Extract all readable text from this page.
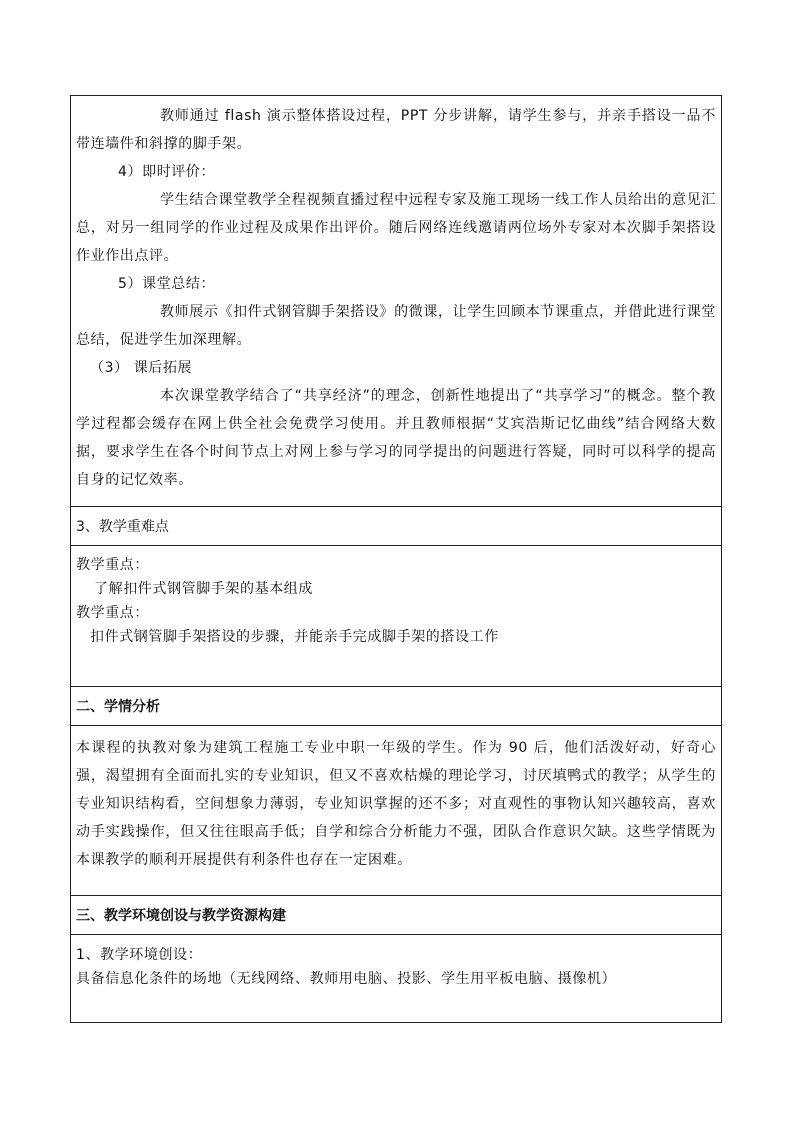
教师通过 flash 演示整体搭设过程，PPT 分步讲解，请学生参与，并亲手搭设一品不带连墙件和斜撑的脚手架。

4）即时评价：

学生结合课堂教学全程视频直播过程中远程专家及施工现场一线工作人员给出的意见汇总，对另一组同学的作业过程及成果作出评价。随后网络连线邀请两位场外专家对本次脚手架搭设作业作出点评。

5）课堂总结：

教师展示《扣件式钢管脚手架搭设》的微课，让学生回顾本节课重点，并借此进行课堂总结，促进学生加深理解。

（3） 课后拓展

本次课堂教学结合了“共享经济”的理念，创新性地提出了“共享学习”的概念。整个教学过程都会缓存在网上供全社会免费学习使用。并且教师根据“艾宾浩斯记忆曲线”结合网络大数据，要求学生在各个时间节点上对网上参与学习的同学提出的问题进行答疑，同时可以科学的提高自身的记忆效率。

3、教学重难点

教学重点：

了解扣件式钢管脚手架的基本组成

教学重点：

扣件式钢管脚手架搭设的步骤，并能亲手完成脚手架的搭设工作

二、学情分析

本课程的执教对象为建筑工程施工专业中职一年级的学生。作为 90 后，他们活泼好动，好奇心强，渴望拥有全面而扎实的专业知识，但又不喜欢枯燥的理论学习，讨厌填鸭式的教学；从学生的专业知识结构看，空间想象力薄弱，专业知识掌握的还不多；对直观性的事物认知兴趣较高，喜欢动手实践操作，但又往往眼高手低；自学和综合分析能力不强，团队合作意识欠缺。这些学情既为本课教学的顺利开展提供有利条件也存在一定困难。

三、教学环境创设与教学资源构建

1、教学环境创设：

具备信息化条件的场地（无线网络、教师用电脑、投影、学生用平板电脑、摄像机）
